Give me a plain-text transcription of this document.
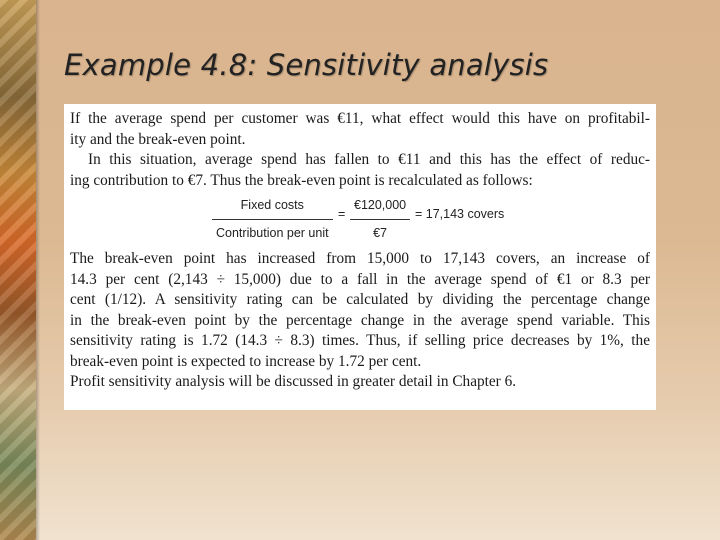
Example 4.8: Sensitivity analysis
If the average spend per customer was €11, what effect would this have on profitabil-
ity and the break-even point.
In this situation, average spend has fallen to €11 and this has the effect of reduc-
ing contribution to €7. Thus the break-even point is recalculated as follows:
Fixed costs
Contribution per unit
= $\frac{€120,000}{€7} = 17,143$ covers
The break-even point has increased from 15,000 to 17,143 covers, an increase of
14.3 per cent (2,143 ÷ 15,000) due to a fall in the average spend of €1 or 8.3 per
cent (1/12). A sensitivity rating can be calculated by dividing the percentage change
in the break-even point by the percentage change in the average spend variable. This
sensitivity rating is 1.72 (14.3 ÷ 8.3) times. Thus, if selling price decreases by 1%, the
break-even point is expected to increase by 1.72 per cent.
Profit sensitivity analysis will be discussed in greater detail in Chapter 6.
